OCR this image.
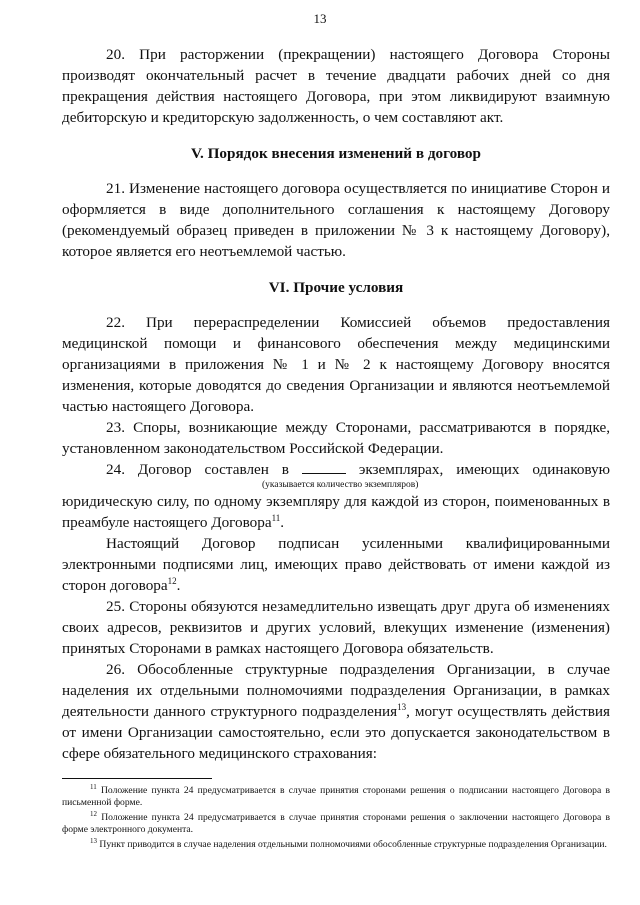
13

20. При расторжении (прекращении) настоящего Договора Стороны производят окончательный расчет в течение двадцати рабочих дней со дня прекращения действия настоящего Договора, при этом ликвидируют взаимную дебиторскую и кредиторскую задолженность, о чем составляют акт.

V. Порядок внесения изменений в договор

21. Изменение настоящего договора осуществляется по инициативе Сторон и оформляется в виде дополнительного соглашения к настоящему Договору (рекомендуемый образец приведен в приложении № 3 к настоящему Договору), которое является его неотъемлемой частью.

VI. Прочие условия

22. При перераспределении Комиссией объемов предоставления медицинской помощи и финансового обеспечения между медицинскими организациями в приложения № 1 и № 2 к настоящему Договору вносятся изменения, которые доводятся до сведения Организации и являются неотъемлемой частью настоящего Договора.

23. Споры, возникающие между Сторонами, рассматриваются в порядке, установленном законодательством Российской Федерации.

24. Договор составлен в	экземплярах, имеющих одинаковую

(указывается количество экземпляров)

юридическую силу, по одному экземпляру для каждой из сторон, поименованных в преамбуле настоящего Договора$^{11}$.

Настоящий Договор подписан усиленными квалифицированными электронными подписями лиц, имеющих право действовать от имени каждой из сторон договора$^{12}$.

25. Стороны обязуются незамедлительно извещать друг друга об изменениях своих адресов, реквизитов и других условий, влекущих изменение (изменения) принятых Сторонами в рамках настоящего Договора обязательств.

26. Обособленные структурные подразделения Организации, в случае наделения их отдельными полномочиями подразделения Организации, в рамках деятельности данного структурного подразделения$^{13}$, могут осуществлять действия от имени Организации самостоятельно, если это допускается законодательством в сфере обязательного медицинского страхования:

$^{11}$ Положение пункта 24 предусматривается в случае принятия сторонами решения о подписании настоящего Договора в письменной форме.

$^{12}$ Положение пункта 24 предусматривается в случае принятия сторонами решения о заключении настоящего Договора в форме электронного документа.

$^{13}$ Пункт приводится в случае наделения отдельными полномочиями обособленные структурные подразделения Организации.
